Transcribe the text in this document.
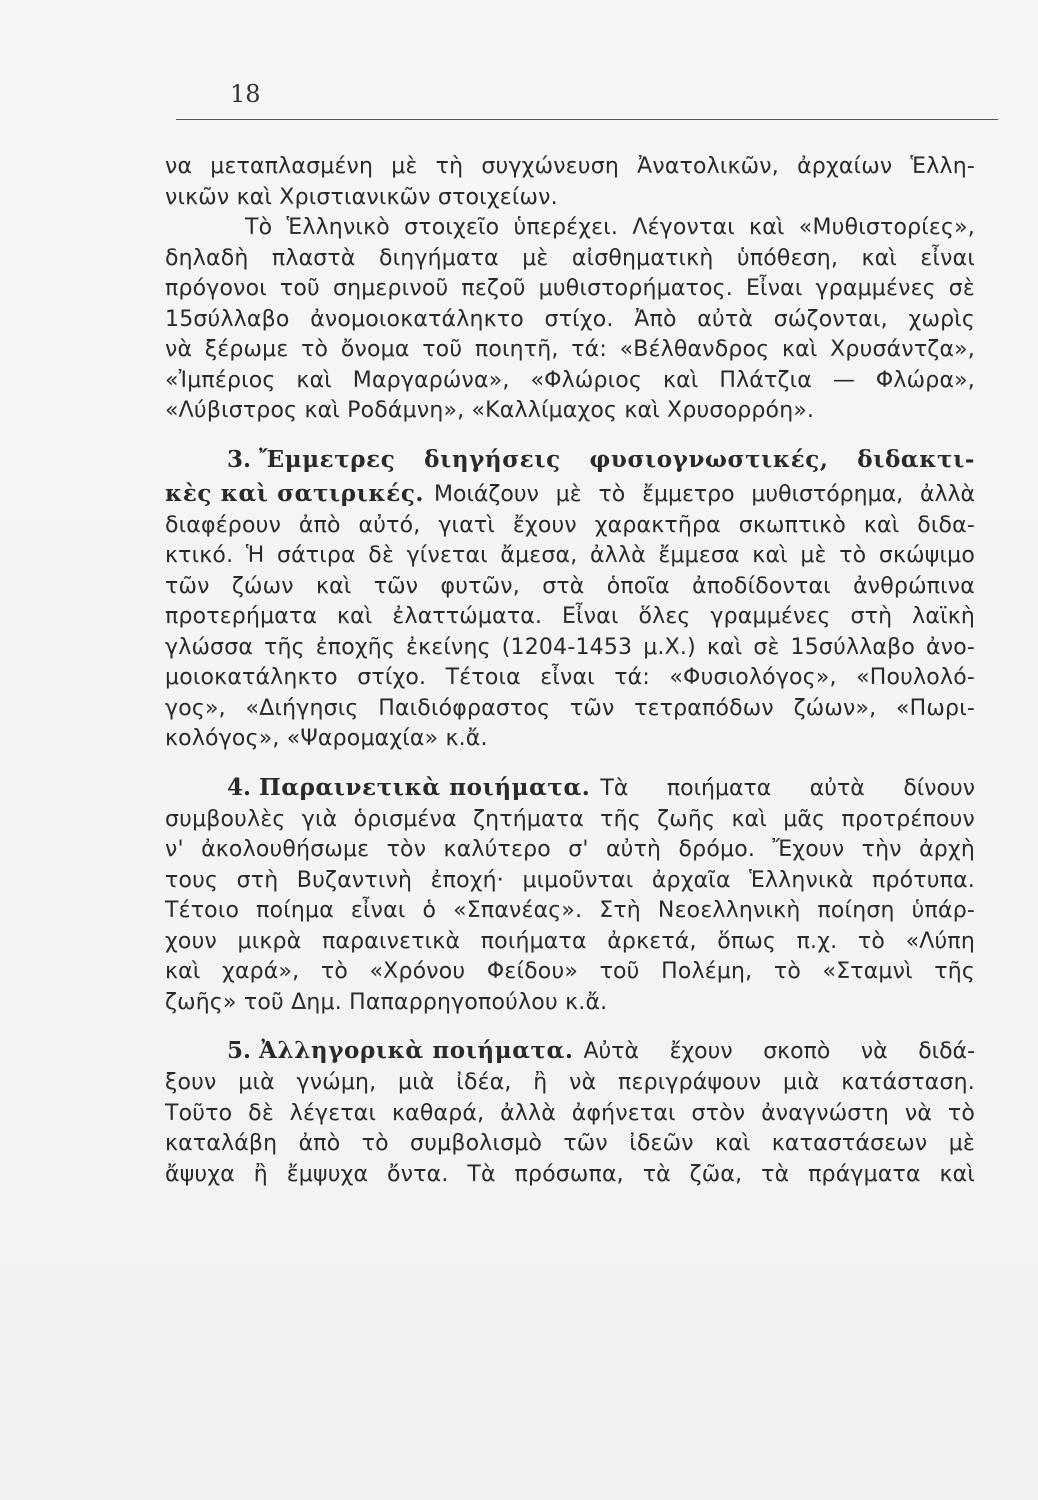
18
να μεταπλασμένη μὲ τὴ συγχώνευση Ἀνατολικῶν, ἀρχαίων Ἑλλη-
νικῶν καὶ Χριστιανικῶν στοιχείων.
Τὸ Ἑλληνικὸ στοιχεῖο ὑπερέχει. Λέγονται καὶ «Μυθιστορίες»,
δηλαδὴ πλαστὰ διηγήματα μὲ αἰσθηματικὴ ὑπόθεση, καὶ εἶναι
πρόγονοι τοῦ σημερινοῦ πεζοῦ μυθιστορήματος. Εἶναι γραμμένες σὲ
15σύλλαβο ἀνομοιοκατάληκτο στίχο. Ἀπὸ αὐτὰ σώζονται, χωρὶς
νὰ ξέρωμε τὸ ὄνομα τοῦ ποιητῆ, τά: «Βέλθανδρος καὶ Χρυσάντζα»,
«Ἰμπέριος καὶ Μαργαρώνα», «Φλώριος καὶ Πλάτζια — Φλώρα»,
«Λύβιστρος καὶ Ροδάμνη», «Καλλίμαχος καὶ Χρυσορρόη».
3. Ἔμμετρες διηγήσεις φυσιογνωστικές, διδακτι-
κὲς καὶ σατιρικές. Μοιάζουν μὲ τὸ ἔμμετρο μυθιστόρημα, ἀλλὰ
διαφέρουν ἀπὸ αὐτό, γιατὶ ἔχουν χαρακτῆρα σκωπτικὸ καὶ διδα-
κτικό. Ἡ σάτιρα δὲ γίνεται ἄμεσα, ἀλλὰ ἔμμεσα καὶ μὲ τὸ σκώψιμο
τῶν ζώων καὶ τῶν φυτῶν, στὰ ὁποῖα ἀποδίδονται ἀνθρώπινα
προτερήματα καὶ ἐλαττώματα. Εἶναι ὅλες γραμμένες στὴ λαϊκὴ
γλώσσα τῆς ἐποχῆς ἐκείνης (1204-1453 μ.Χ.) καὶ σὲ 15σύλλαβο ἀνο-
μοιοκατάληκτο στίχο. Τέτοια εἶναι τά: «Φυσιολόγος», «Πουλολό-
γος», «Διήγησις Παιδιόφραστος τῶν τετραπόδων ζώων», «Πωρι-
κολόγος», «Ψαρομαχία» κ.ἄ.
4. Παραινετικὰ ποιήματα. Τὰ ποιήματα αὐτὰ δίνουν
συμβουλὲς γιὰ ὁρισμένα ζητήματα τῆς ζωῆς καὶ μᾶς προτρέπουν
ν' ἀκολουθήσωμε τὸν καλύτερο σ' αὐτὴ δρόμο. Ἔχουν τὴν ἀρχὴ
τους στὴ Βυζαντινὴ ἐποχή· μιμοῦνται ἀρχαῖα Ἑλληνικὰ πρότυπα.
Τέτοιο ποίημα εἶναι ὁ «Σπανέας». Στὴ Νεοελληνικὴ ποίηση ὑπάρ-
χουν μικρὰ παραινετικὰ ποιήματα ἀρκετά, ὅπως π.χ. τὸ «Λύπη
καὶ χαρά», τὸ «Χρόνου Φείδου» τοῦ Πολέμη, τὸ «Σταμνὶ τῆς
ζωῆς» τοῦ Δημ. Παπαρρηγοπούλου κ.ἄ.
5. Ἀλληγορικὰ ποιήματα. Αὐτὰ ἔχουν σκοπὸ νὰ διδά-
ξουν μιὰ γνώμη, μιὰ ἰδέα, ἢ νὰ περιγράψουν μιὰ κατάσταση.
Τοῦτο δὲ λέγεται καθαρά, ἀλλὰ ἀφήνεται στὸν ἀναγνώστη νὰ τὸ
καταλάβη ἀπὸ τὸ συμβολισμὸ τῶν ἰδεῶν καὶ καταστάσεων μὲ
ἄψυχα ἢ ἔμψυχα ὄντα. Τὰ πρόσωπα, τὰ ζῶα, τὰ πράγματα καὶ
